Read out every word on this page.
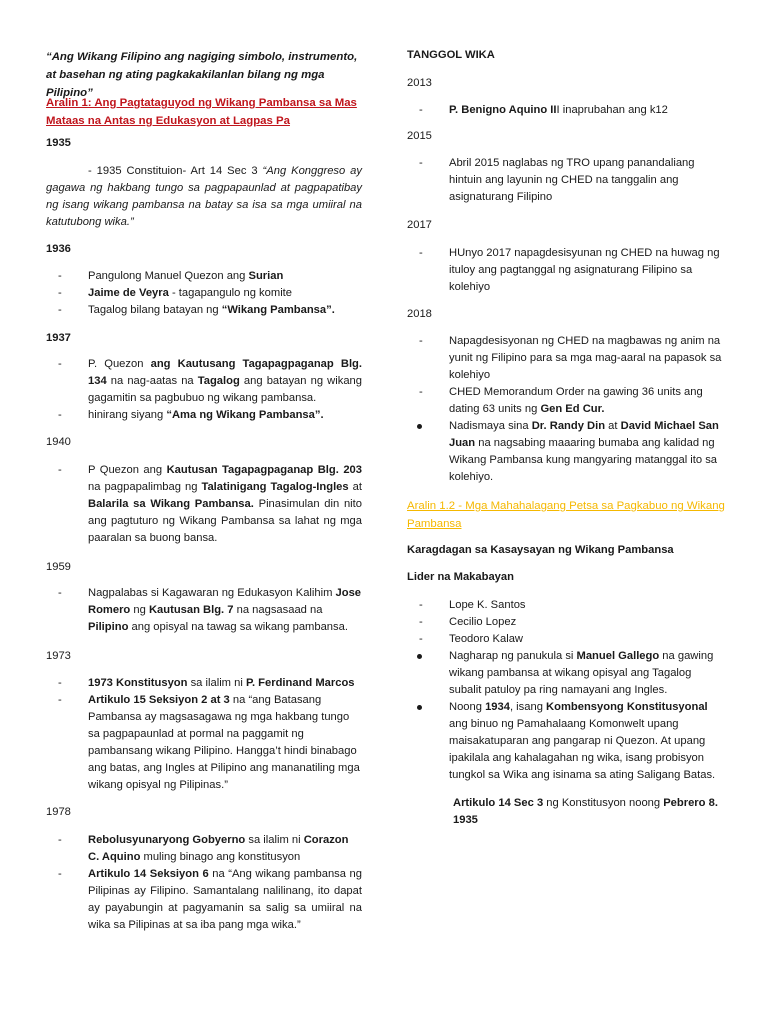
“Ang Wikang Filipino ang nagiging simbolo, instrumento, at basehan ng ating pagkakakilanlan bilang ng mga Pilipino”
Aralin 1: Ang Pagtataguyod ng Wikang Pambansa sa Mas Mataas na Antas ng Edukasyon at Lagpas Pa
1935
- 1935 Constituion- Art 14 Sec 3 “Ang Konggreso ay gagawa ng hakbang tungo sa pagpapaunlad at pagpapatibay ng isang wikang pambansa na batay sa isa sa mga umiiral na katutubong wika.”
1936
- Pangulong Manuel Quezon ang Surian
- Jaime de Veyra - tagapangulo ng komite
- Tagalog bilang batayan ng “Wikang Pambansa”.
1937
- P. Quezon ang Kautusang Tagapagpaganap Blg. 134 na nag-aatas na Tagalog ang batayan ng wikang gagamitin sa pagbubuo ng wikang pambansa.
- hinirang siyang “Ama ng Wikang Pambansa”.
1940
- P Quezon ang Kautusan Tagapagpaganap Blg. 203 na pagpapalimbag ng Talatinigang Tagalog-Ingles at Balarila sa Wikang Pambansa. Pinasimulan din nito ang pagtuturo ng Wikang Pambansa sa lahat ng mga paaralan sa buong bansa.
1959
- Nagpalabas si Kagawaran ng Edukasyon Kalihim Jose Romero ng Kautusan Blg. 7 na nagsasaad na Pilipino ang opisyal na tawag sa wikang pambansa.
1973
- 1973 Konstitusyon sa ilalim ni P. Ferdinand Marcos
- Artikulo 15 Seksiyon 2 at 3 na “ang Batasang Pambansa ay magsasagawa ng mga hakbang tungo sa pagpapaunlad at pormal na paggamit ng pambansang wikang Pilipino. Hangga’t hindi binabago ang batas, ang Ingles at Pilipino ang mananatiling mga wikang opisyal ng Pilipinas.”
1978
- Rebolusyunaryong Gobyerno sa ilalim ni Corazon C. Aquino muling binago ang konstitusyon
- Artikulo 14 Seksiyon 6 na “Ang wikang pambansa ng Pilipinas ay Filipino. Samantalang nalilinang, ito dapat ay payabungin at pagyamanin sa salig sa umiiral na wika sa Pilipinas at sa iba pang mga wika.”
TANGGOL WIKA
2013
- P. Benigno Aquino III inaprubahan ang k12
2015
- Abril 2015 naglabas ng TRO upang panandaliang hintuin ang layunin ng CHED na tanggalin ang asignaturang Filipino
2017
- HUnyo 2017 napagdesisyunan ng CHED na huwag ng ituloy ang pagtanggal ng asignaturang Filipino sa kolehiyo
2018
- Napagdesisyonan ng CHED na magbawas ng anim na yunit ng Filipino para sa mga mag-aaral na papasok sa kolehiyo
- CHED Memorandum Order na gawing 36 units ang dating 63 units ng Gen Ed Cur.
Nadismaya sina Dr. Randy Din at David Michael San Juan na nagsabing maaaring bumaba ang kalidad ng Wikang Pambansa kung mangyaring matanggal ito sa kolehiyo.
Aralin 1.2 - Mga Mahahalagang Petsa sa Pagkabuo ng Wikang Pambansa
Karagdagan sa Kasaysayan ng Wikang Pambansa
Lider na Makabayan
- Lope K. Santos
- Cecilio Lopez
- Teodoro Kalaw
Nagharap ng panukula si Manuel Gallego na gawing wikang pambansa at wikang opisyal ang Tagalog subalit patuloy pa ring namayani ang Ingles.
Noong 1934, isang Kombensyong Konstitusyonal ang binuo ng Pamahalaang Komonwelt upang maisakatuparan ang pangarap ni Quezon. At upang ipakilala ang kahalagahan ng wika, isang probisyon tungkol sa Wika ang isinama sa ating Saligang Batas.
Artikulo 14 Sec 3 ng Konstitusyon noong Pebrero 8. 1935
